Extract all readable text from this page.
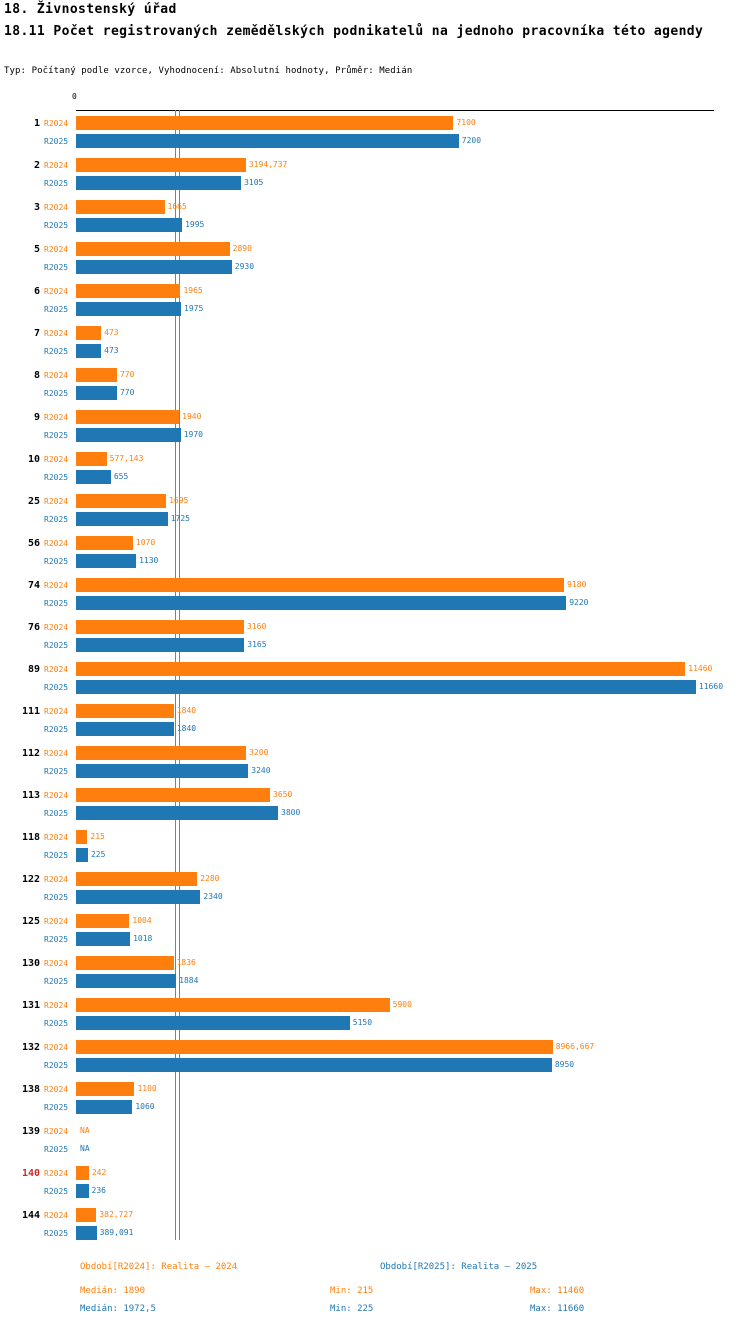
18. Živnostenský úřad
18.11 Počet registrovaných zemědělských podnikatelů na jednoho pracovníka této agendy
Typ: Počítaný podle vzorce, Vyhodnocení: Absolutní hodnoty, Průměr: Medián
0
1 R2024	7100
R2025	7200
2 R2024	3194,737
R2025	3105
3 R2024	1665
R2025	1995
5 R2024	2890
R2025	2930
6 R2024	1965
R2025	1975
7 R2024	473
R2025	473
8 R2024	770
R2025	770
9 R2024	1940
R2025	1970
10 R2024	577,143
R2025	655
25 R2024	1695
R2025	1725
56 R2024	1070
R2025	1130
74 R2024	9180
R2025	9220
76 R2024	3160
R2025	3165
89 R2024	11460
R2025	11660
111 R2024	1840
R2025	1840
112 R2024	3200
R2025	3240
113 R2024	3650
R2025	3800
118 R2024	215
R2025	225
122 R2024	2280
R2025	2340
125 R2024	1004
R2025	1018
130 R2024	1836
R2025	1884
131 R2024	5900
R2025	5150
132 R2024	8966,667
R2025	8950
138 R2024	1100
R2025	1060
139 R2024	NA
R2025	NA
140 R2024	242
R2025	236
144 R2024	382,727
R2025	389,091
Období[R2024]: Realita – 2024	Období[R2025]: Realita – 2025
Medián: 1890	Min: 215	Max: 11460
Medián: 1972,5	Min: 225	Max: 11660
